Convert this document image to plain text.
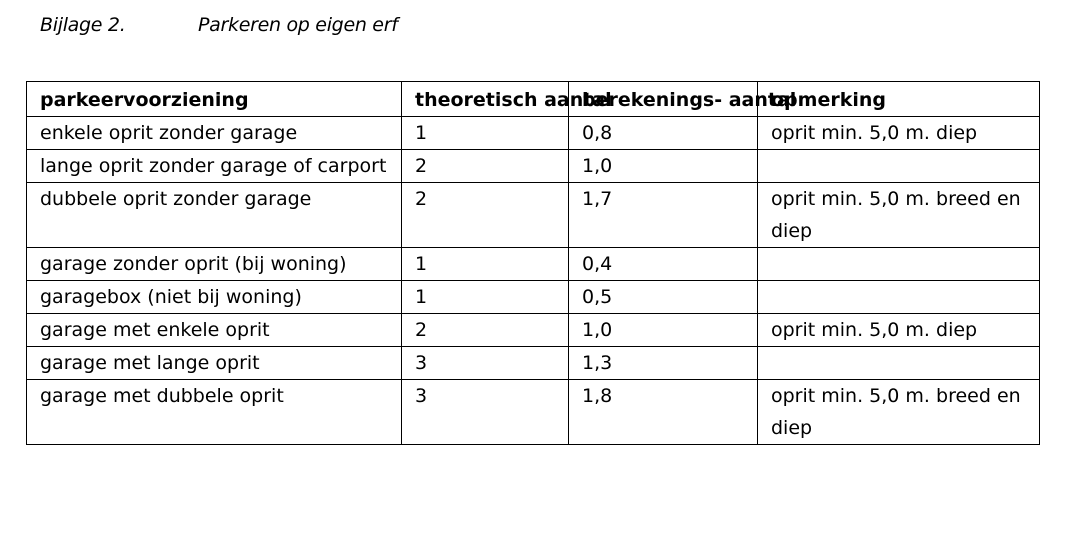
Bijlage 2.	Parkeren op eigen erf
parkeervoorziening	theoretisch aantal	berekenings- aantal	opmerking
enkele oprit zonder garage	1	0,8	oprit min. 5,0 m. diep
lange oprit zonder garage of carport	2	1,0	
dubbele oprit zonder garage	2	1,7	oprit min. 5,0 m. breed en diep
garage zonder oprit (bij woning)	1	0,4	
garagebox (niet bij woning)	1	0,5	
garage met enkele oprit	2	1,0	oprit min. 5,0 m. diep
garage met lange oprit	3	1,3	
garage met dubbele oprit	3	1,8	oprit min. 5,0 m. breed en diep
